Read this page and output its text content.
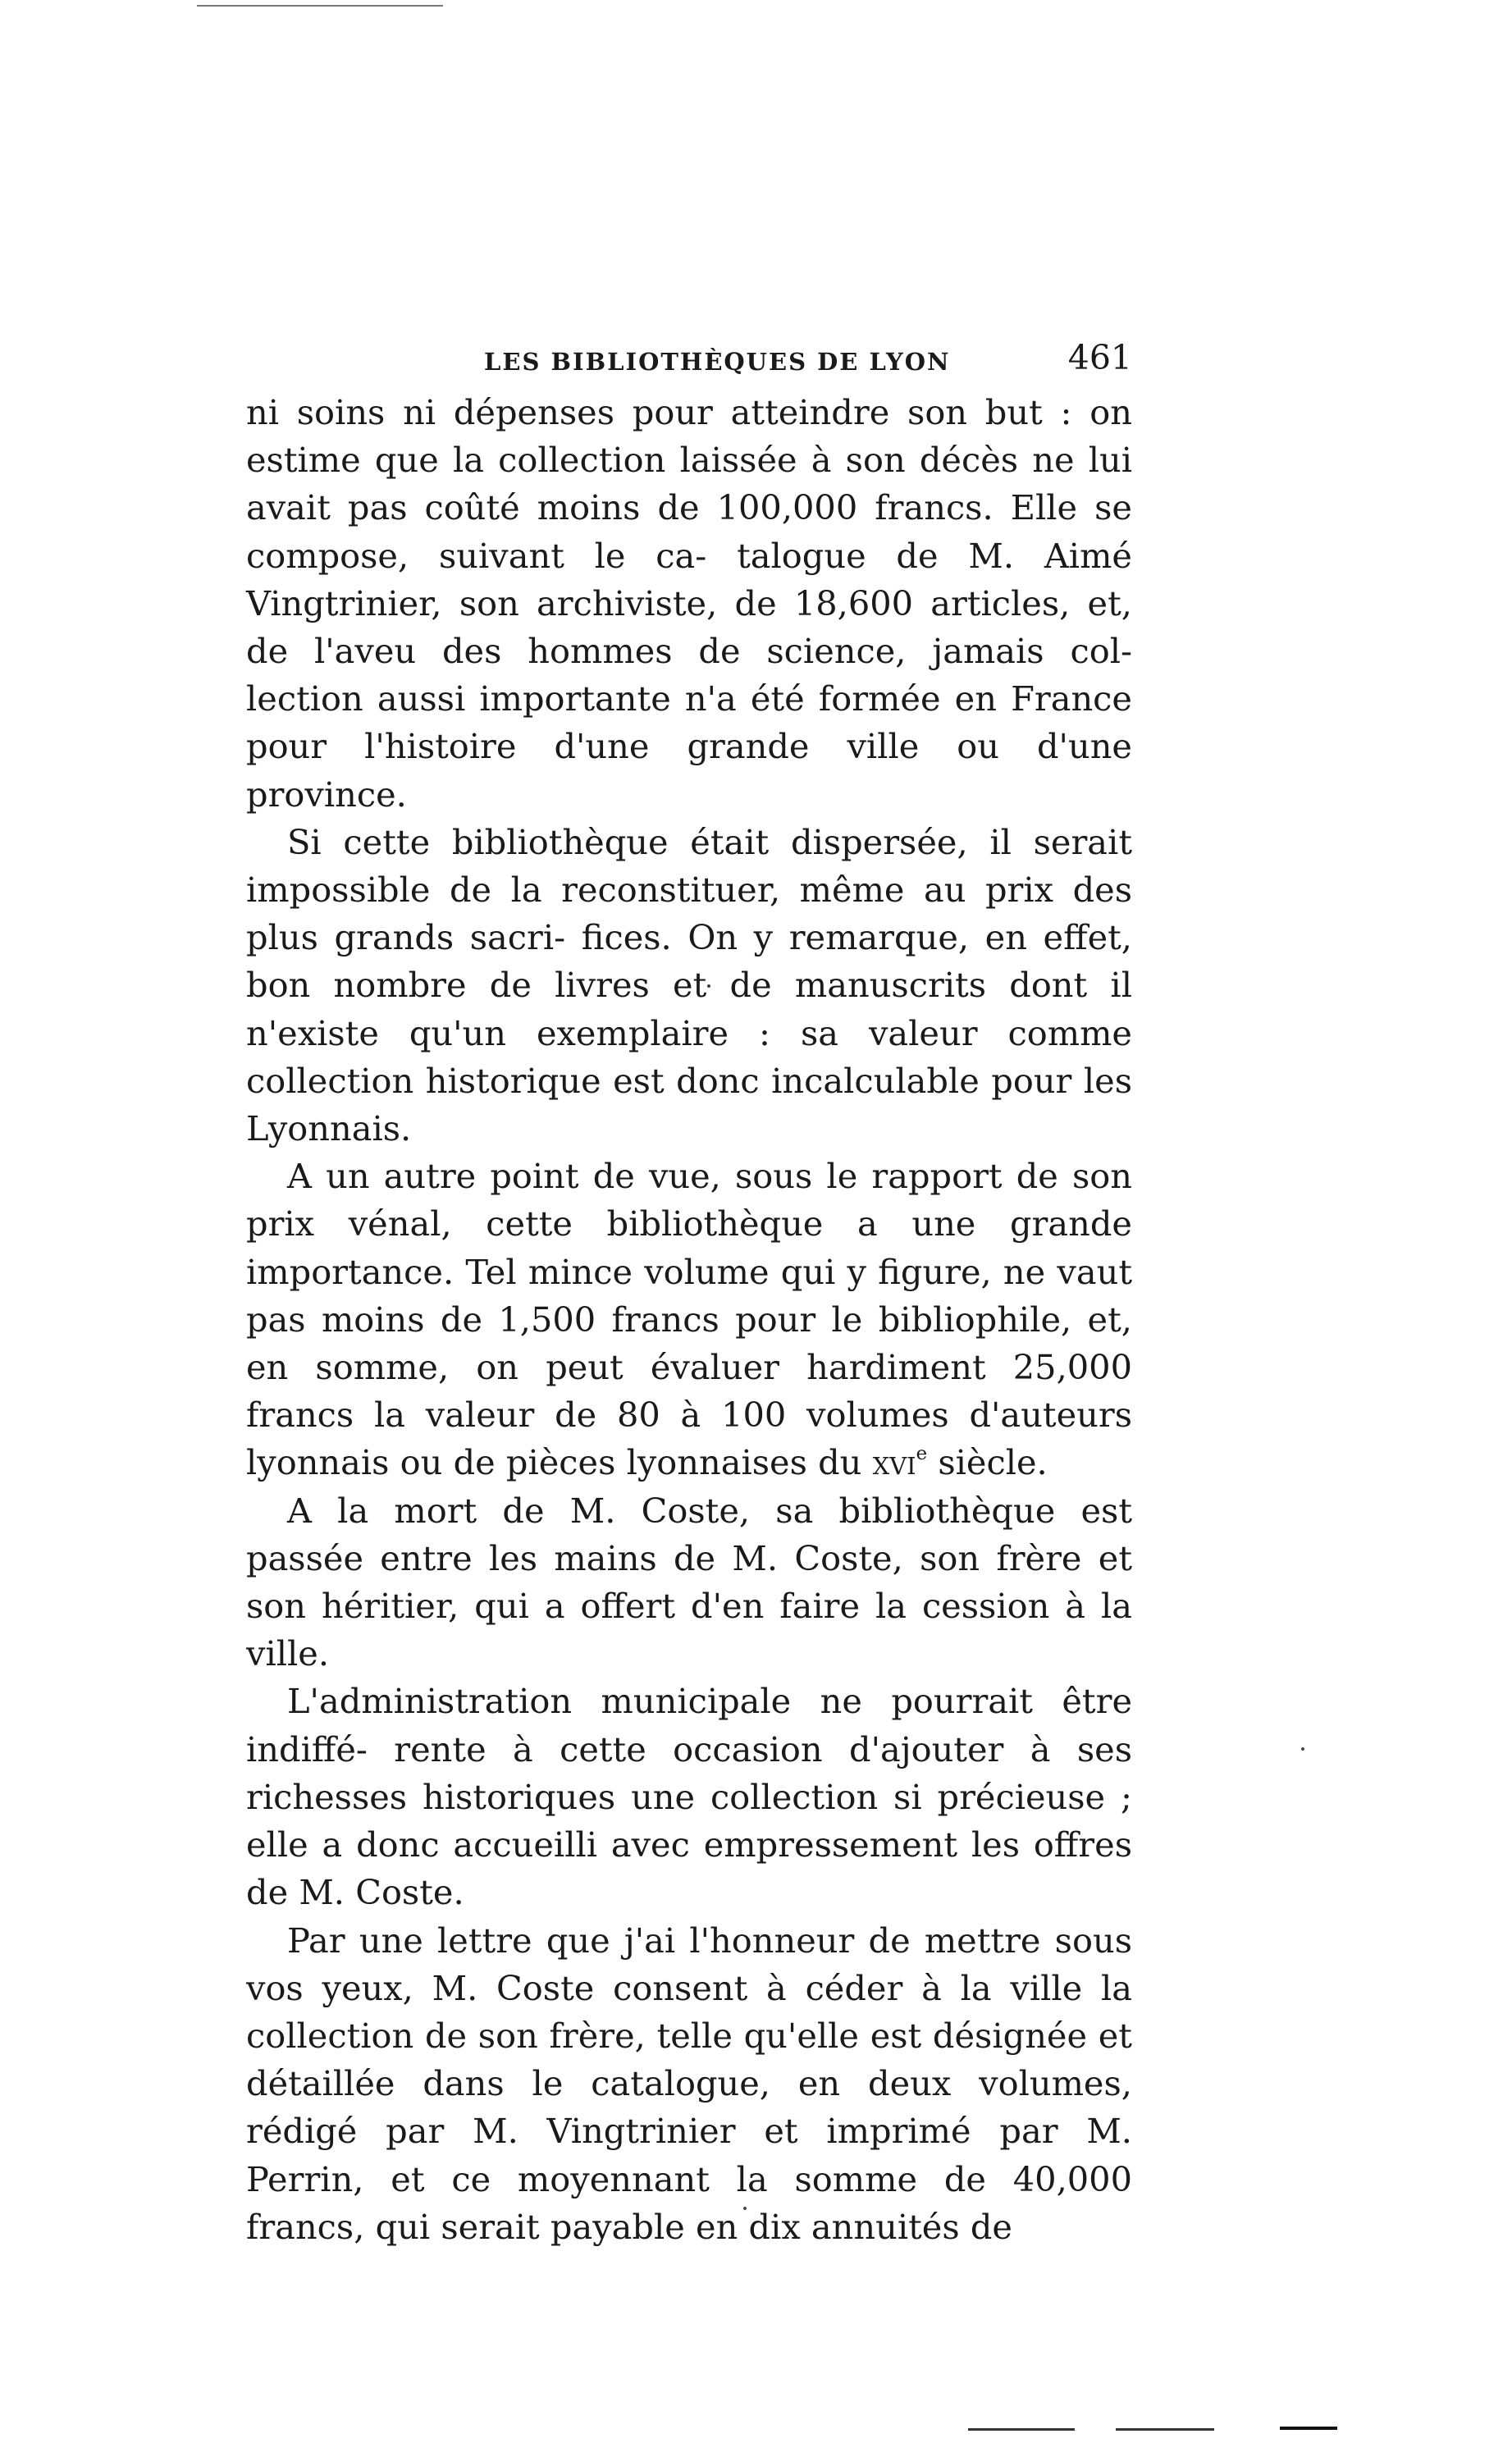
LES BIBLIOTHÈQUES DE LYON	461

ni soins ni dépenses pour atteindre son but : on estime que la collection laissée à son décès ne lui avait pas coûté moins de 100,000 francs. Elle se compose, suivant le ca- talogue de M. Aimé Vingtrinier, son archiviste, de 18,600 articles, et, de l'aveu des hommes de science, jamais col- lection aussi importante n'a été formée en France pour l'histoire d'une grande ville ou d'une province.

Si cette bibliothèque était dispersée, il serait impossible de la reconstituer, même au prix des plus grands sacri- fices. On y remarque, en effet, bon nombre de livres et de manuscrits dont il n'existe qu'un exemplaire : sa valeur comme collection historique est donc incalculable pour les Lyonnais.

A un autre point de vue, sous le rapport de son prix vénal, cette bibliothèque a une grande importance. Tel mince volume qui y figure, ne vaut pas moins de 1,500 francs pour le bibliophile, et, en somme, on peut évaluer hardiment 25,000 francs la valeur de 80 à 100 volumes d'auteurs lyonnais ou de pièces lyonnaises du xvi$^e$ siècle.

A la mort de M. Coste, sa bibliothèque est passée entre les mains de M. Coste, son frère et son héritier, qui a offert d'en faire la cession à la ville.

L'administration municipale ne pourrait être indiffé- rente à cette occasion d'ajouter à ses richesses historiques une collection si précieuse ; elle a donc accueilli avec empressement les offres de M. Coste.

Par une lettre que j'ai l'honneur de mettre sous vos yeux, M. Coste consent à céder à la ville la collection de son frère, telle qu'elle est désignée et détaillée dans le catalogue, en deux volumes, rédigé par M. Vingtrinier et imprimé par M. Perrin, et ce moyennant la somme de 40,000 francs, qui serait payable en dix annuités de
